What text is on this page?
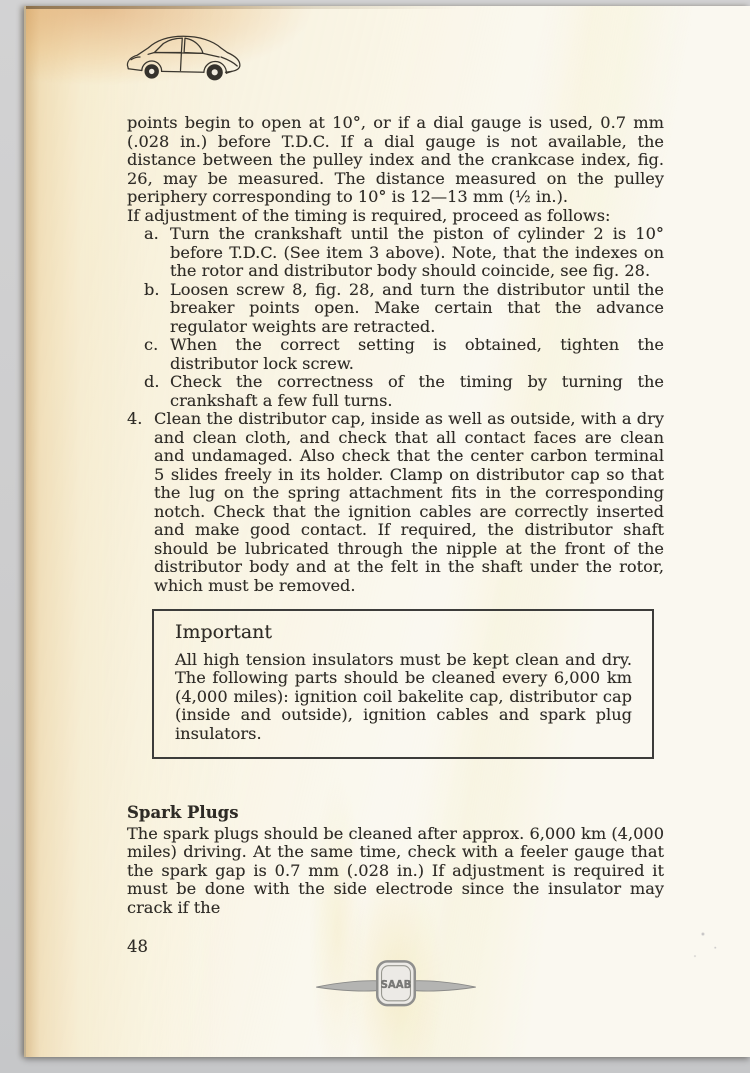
points begin to open at 10°, or if a dial gauge is used, 0.7 mm (.028 in.) before T.D.C. If a dial gauge is not available, the distance between the pulley index and the crankcase index, fig. 26, may be measured. The distance measured on the pulley periphery corresponding to 10° is 12—13 mm (½ in.).

If adjustment of the timing is required, proceed as follows:

a. Turn the crankshaft until the piston of cylinder 2 is 10° before T.D.C. (See item 3 above). Note, that the indexes on the rotor and distributor body should coincide, see fig. 28.
b. Loosen screw 8, fig. 28, and turn the distributor until the breaker points open. Make certain that the advance regulator weights are retracted.
c. When the correct setting is obtained, tighten the distributor lock screw.
d. Check the correctness of the timing by turning the crankshaft a few full turns.
4. Clean the distributor cap, inside as well as outside, with a dry and clean cloth, and check that all contact faces are clean and undamaged. Also check that the center carbon terminal 5 slides freely in its holder. Clamp on distributor cap so that the lug on the spring attachment fits in the corresponding notch. Check that the ignition cables are correctly inserted and make good contact. If required, the distributor shaft should be lubricated through the nipple at the front of the distributor body and at the felt in the shaft under the rotor, which must be removed.
Important

All high tension insulators must be kept clean and dry. The following parts should be cleaned every 6,000 km (4,000 miles): ignition coil bakelite cap, distributor cap (inside and outside), ignition cables and spark plug insulators.

Spark Plugs

The spark plugs should be cleaned after approx. 6,000 km (4,000 miles) driving. At the same time, check with a feeler gauge that the spark gap is 0.7 mm (.028 in.) If adjustment is required it must be done with the side electrode since the insulator may crack if the

48
SAAB
